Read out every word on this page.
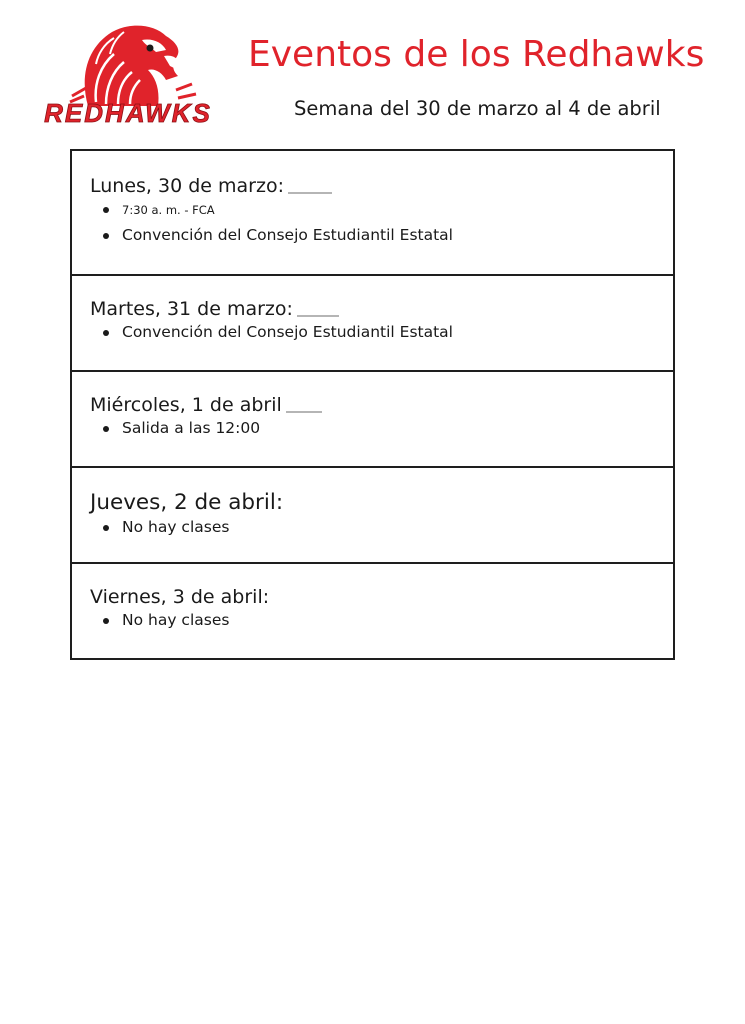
REDHAWKS
Eventos de los Redhawks
Semana del 30 de marzo al 4 de abril
Lunes, 30 de marzo:
7:30 a. m. - FCA
Convención del Consejo Estudiantil Estatal
Martes, 31 de marzo:
Convención del Consejo Estudiantil Estatal
Miércoles, 1 de abril
Salida a las 12:00
Jueves, 2 de abril:
No hay clases
Viernes, 3 de abril:
No hay clases
